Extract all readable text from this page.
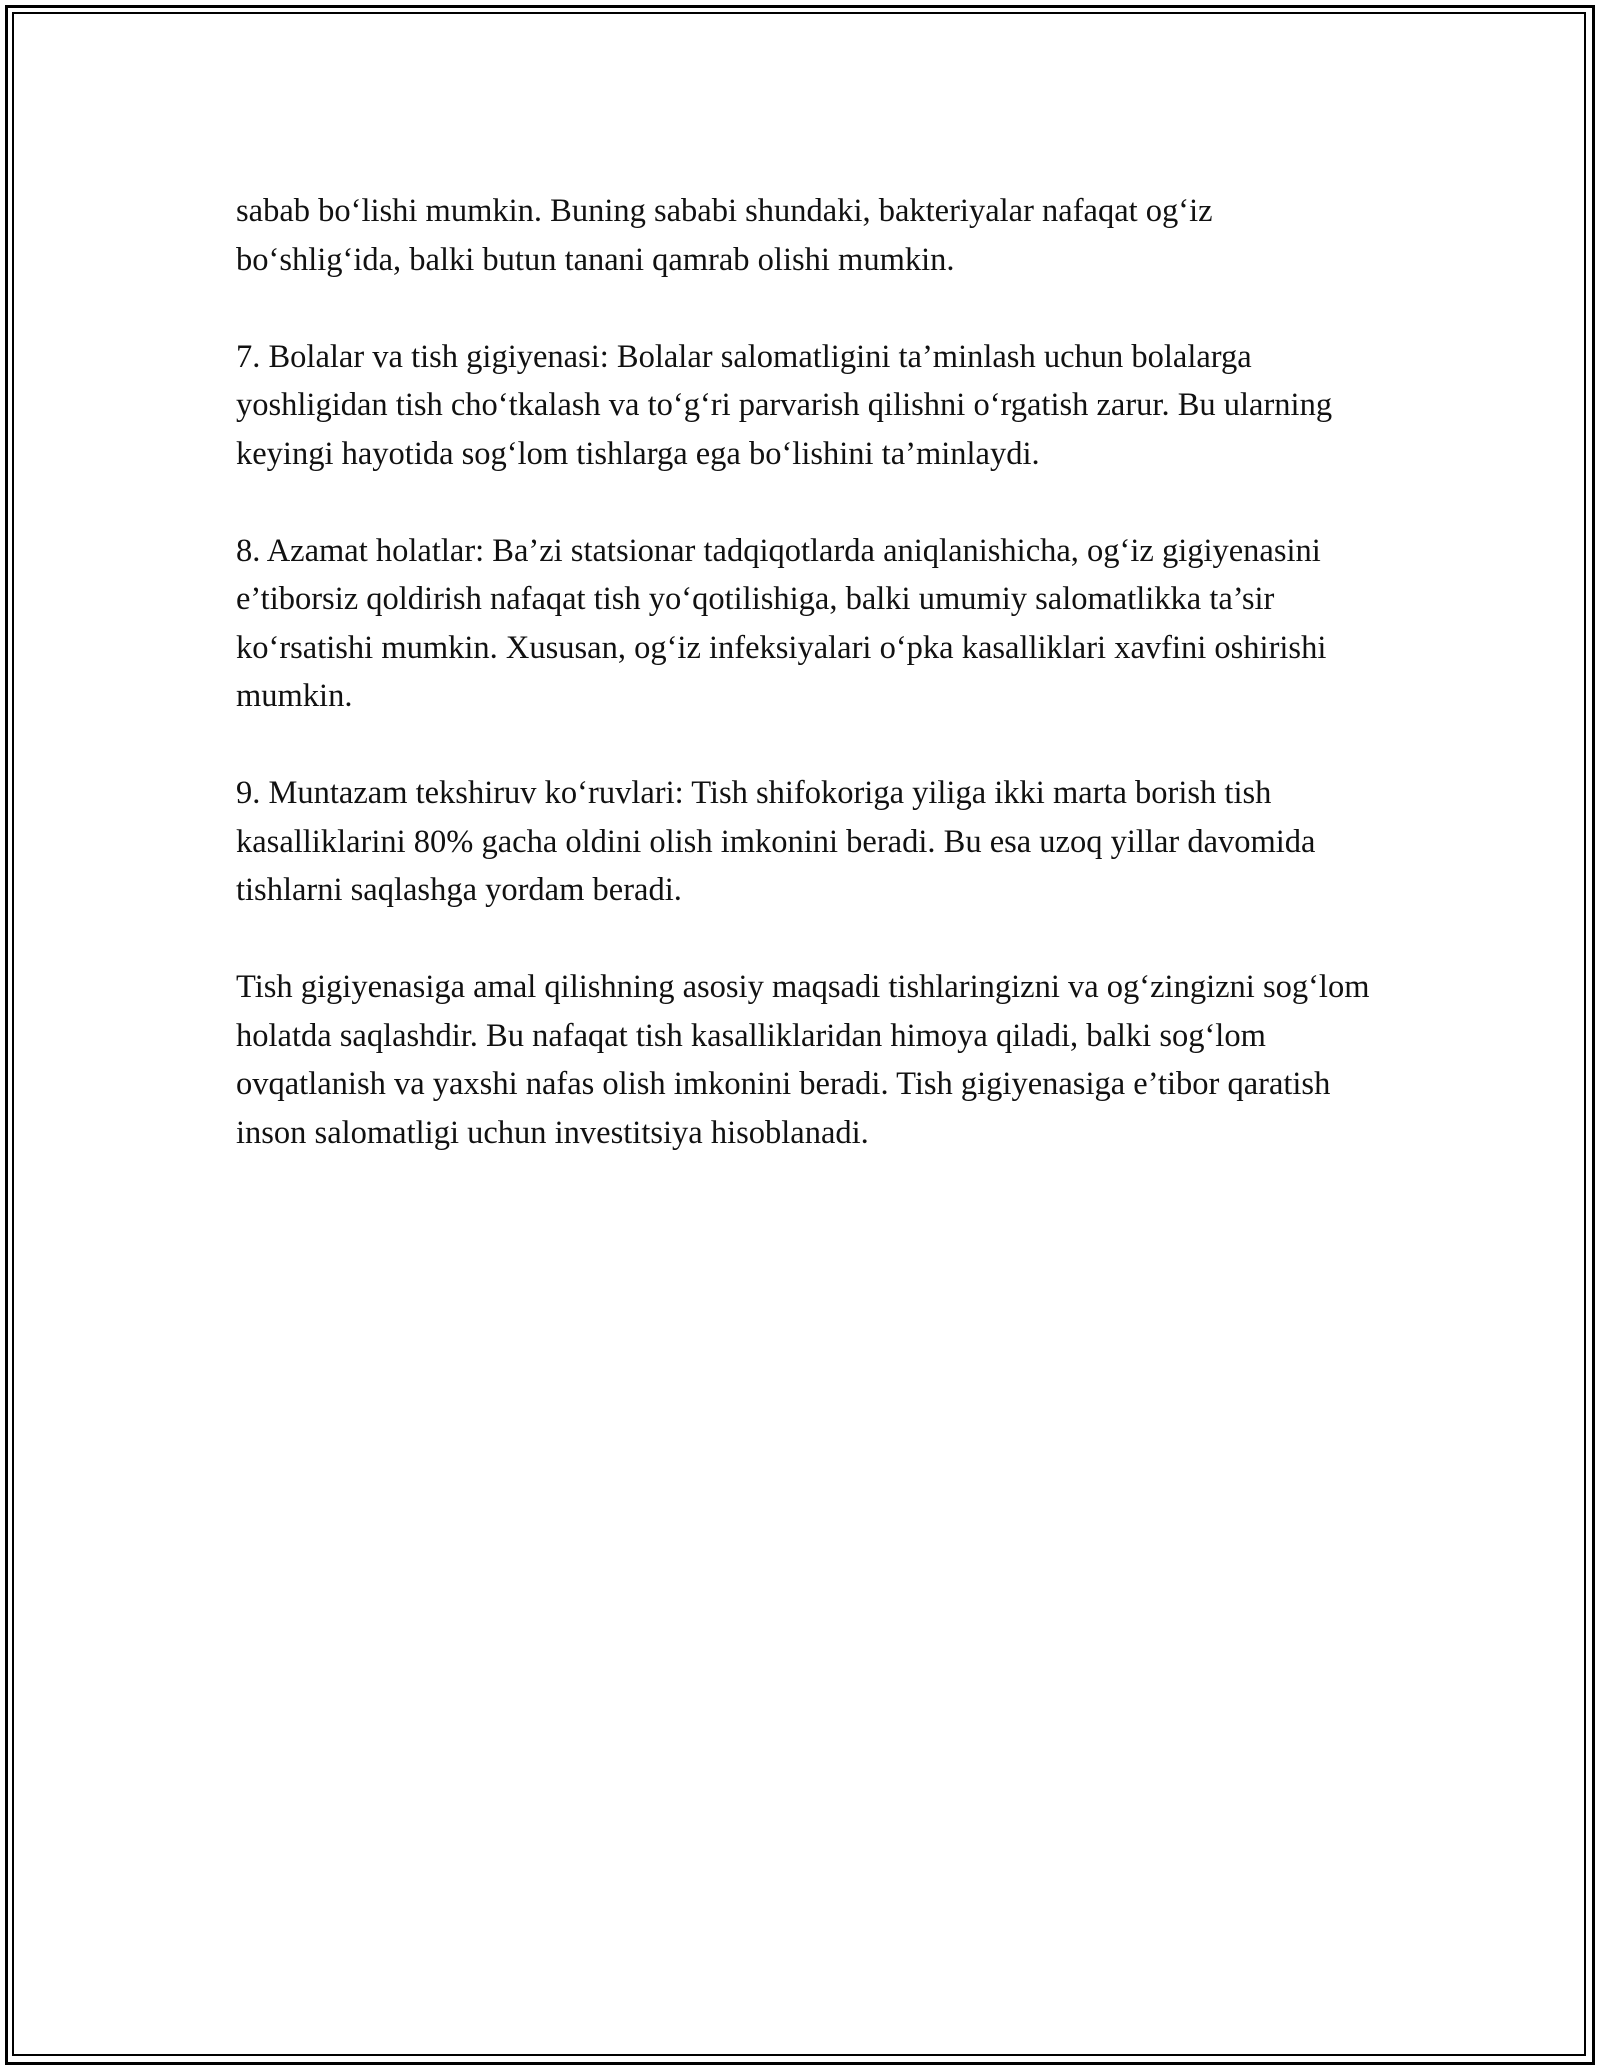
sabab bo‘lishi mumkin. Buning sababi shundaki, bakteriyalar nafaqat og‘iz bo‘shlig‘ida, balki butun tanani qamrab olishi mumkin.

7. Bolalar va tish gigiyenasi: Bolalar salomatligini ta’minlash uchun bolalarga yoshligidan tish cho‘tkalash va to‘g‘ri parvarish qilishni o‘rgatish zarur. Bu ularning keyingi hayotida sog‘lom tishlarga ega bo‘lishini ta’minlaydi.

8. Azamat holatlar: Ba’zi statsionar tadqiqotlarda aniqlanishicha, og‘iz gigiyenasini e’tiborsiz qoldirish nafaqat tish yo‘qotilishiga, balki umumiy salomatlikka ta’sir ko‘rsatishi mumkin. Xususan, og‘iz infeksiyalari o‘pka kasalliklari xavfini oshirishi mumkin.

9. Muntazam tekshiruv ko‘ruvlari: Tish shifokoriga yiliga ikki marta borish tish kasalliklarini 80% gacha oldini olish imkonini beradi. Bu esa uzoq yillar davomida tishlarni saqlashga yordam beradi.

Tish gigiyenasiga amal qilishning asosiy maqsadi tishlaringizni va og‘zingizni sog‘lom holatda saqlashdir. Bu nafaqat tish kasalliklaridan himoya qiladi, balki sog‘lom ovqatlanish va yaxshi nafas olish imkonini beradi. Tish gigiyenasiga e’tibor qaratish inson salomatligi uchun investitsiya hisoblanadi.
